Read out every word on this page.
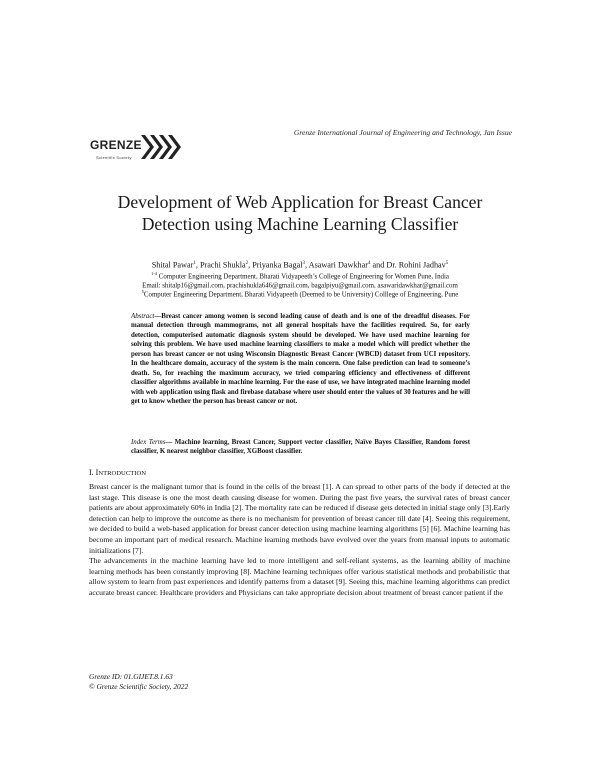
Grenze International Journal of Engineering and Technology, Jan Issue
GRENZE
Scientific Society
Development of Web Application for Breast Cancer
Detection using Machine Learning Classifier
Shital Pawar$^1$, Prachi Shukla$^2$, Priyanka Bagal$^3$, Asawari Dawkhar$^4$ and Dr. Rohini Jadhav$^5$
$^{1-4}$ Computer Engineering Department, Bharati Vidyapeeth’s College of Engineering for Women Pune, India
Email: shitalp16@gmail.com, prachishukla646@gmail.com, bagalpiyu@gmail.com, asawaridawkhar@gmail.com
$^5$Computer Engineering Department, Bharati Vidyapeeth (Deemed to be University) Colllege of Engineering, Pune
Abstract—Breast cancer among women is second leading cause of death and is one of the dreadful diseases. For manual detection through mammograms, not all general hospitals have the facilities required. So, for early detection, computerised automatic diagnosis system should be developed. We have used machine learning for solving this problem. We have used machine learning classifiers to make a model which will predict whether the person has breast cancer or not using Wisconsin Diagnostic Breast Cancer (WBCD) dataset from UCI repository. In the healthcare domain, accuracy of the system is the main concern. One false prediction can lead to someone’s death. So, for reaching the maximum accuracy, we tried comparing efficiency and effectiveness of different classifier algorithms available in machine learning. For the ease of use, we have integrated machine learning model with web application using flask and firebase database where user should enter the values of 30 features and he will get to know whether the person has breast cancer or not.
Index Terms— Machine learning, Breast Cancer, Support vector classifier, Naïve Bayes Classifier, Random forest classifier, K nearest neighbor classifier, XGBoost classifier.
I. INTRODUCTION

Breast cancer is the malignant tumor that is found in the cells of the breast [1]. A can spread to other parts of the body if detected at the last stage. This disease is one the most death causing disease for women. During the past five years, the survival rates of breast cancer patients are about approximately 60% in India [2]. The mortality rate can be reduced if disease gets detected in initial stage only [3].Early detection can help to improve the outcome as there is no mechanism for prevention of breast cancer till date [4]. Seeing this requirement, we decided to build a web-based application for breast cancer detection using machine learning algorithms [5] [6]. Machine learning has become an important part of medical research. Machine learning methods have evolved over the years from manual inputs to automatic initializations [7].

The advancements in the machine learning have led to more intelligent and self-reliant systems, as the learning ability of machine learning methods has been constantly improving [8]. Machine learning techniques offer various statistical methods and probabilistic that allow system to learn from past experiences and identify patterns from a dataset [9]. Seeing this, machine learning algorithms can predict accurate breast cancer. Healthcare providers and Physicians can take appropriate decision about treatment of breast cancer patient if the

Grenze ID: 01.GIJET.8.1.63
© Grenze Scientific Society, 2022
